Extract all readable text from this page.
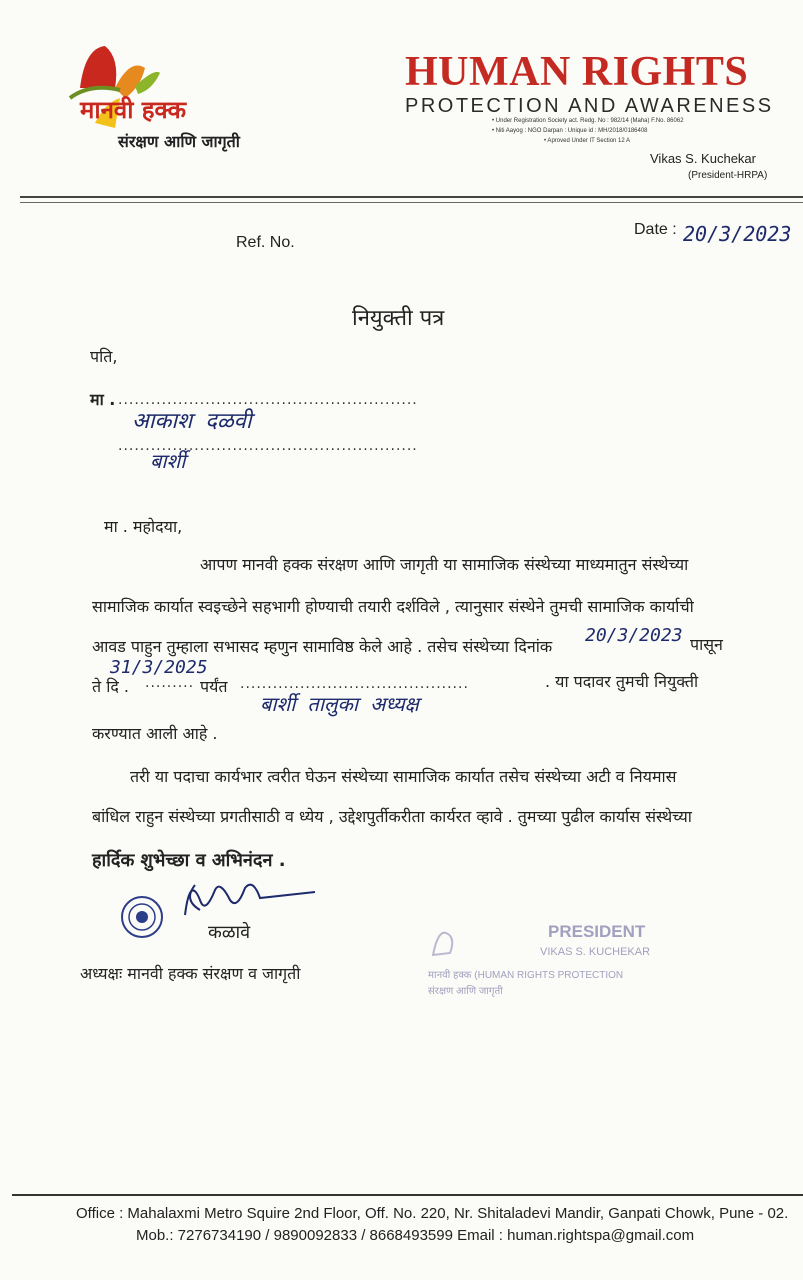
मानवी हक्क
संरक्षण आणि जागृती
HUMAN RIGHTS
PROTECTION AND AWARENESS
• Under Registration Society act. Redg. No : 982/14 (Maha) F.No. 86062
• Niti Aayog : NGO Darpan : Unique id : MH/2018/0186408
• Aproved Under IT Section 12 A
Vikas S. Kuchekar
(President-HRPA)
Ref. No.
Date : 20/3/2023
नियुक्ती पत्र
पति,
मा . .......................................................
आकाश दळवी
.......................................................
बार्शी
मा . महोदया,
आपण मानवी हक्क संरक्षण आणि जागृती या सामाजिक संस्थेच्या माध्यमातुन संस्थेच्या
सामाजिक कार्यात स्वइच्छेने सहभागी होण्याची तयारी दर्शविले , त्यानुसार संस्थेने तुमची सामाजिक कार्याची
आवड पाहुन तुम्हाला सभासद म्हणुन सामाविष्ठ केले आहे . तसेच संस्थेच्या दिनांक
20/3/2023 पासून
31/3/2025
ते दि . ......... पर्यंत ..........................................
बार्शी तालुका अध्यक्ष
. या पदावर तुमची नियुक्ती
करण्यात आली आहे .
तरी या पदाचा कार्यभार त्वरीत घेऊन संस्थेच्या सामाजिक कार्यात तसेच संस्थेच्या अटी व नियमास
बांधिल राहुन संस्थेच्या प्रगतीसाठी व ध्येय , उद्देशपुर्तीकरीता कार्यरत व्हावे . तुमच्या पुढील कार्यास संस्थेच्या
हार्दिक शुभेच्छा व अभिनंदन .
कळावे
अध्यक्षः मानवी हक्क संरक्षण व जागृती
PRESIDENT
VIKAS S. KUCHEKAR
मानवी हक्क (HUMAN RIGHTS PROTECTION
संरक्षण आणि जागृती
Office : Mahalaxmi Metro Squire 2nd Floor, Off. No. 220, Nr. Shitaladevi Mandir, Ganpati Chowk, Pune - 02.
Mob.: 7276734190 / 9890092833 / 8668493599 Email : human.rightspa@gmail.com
